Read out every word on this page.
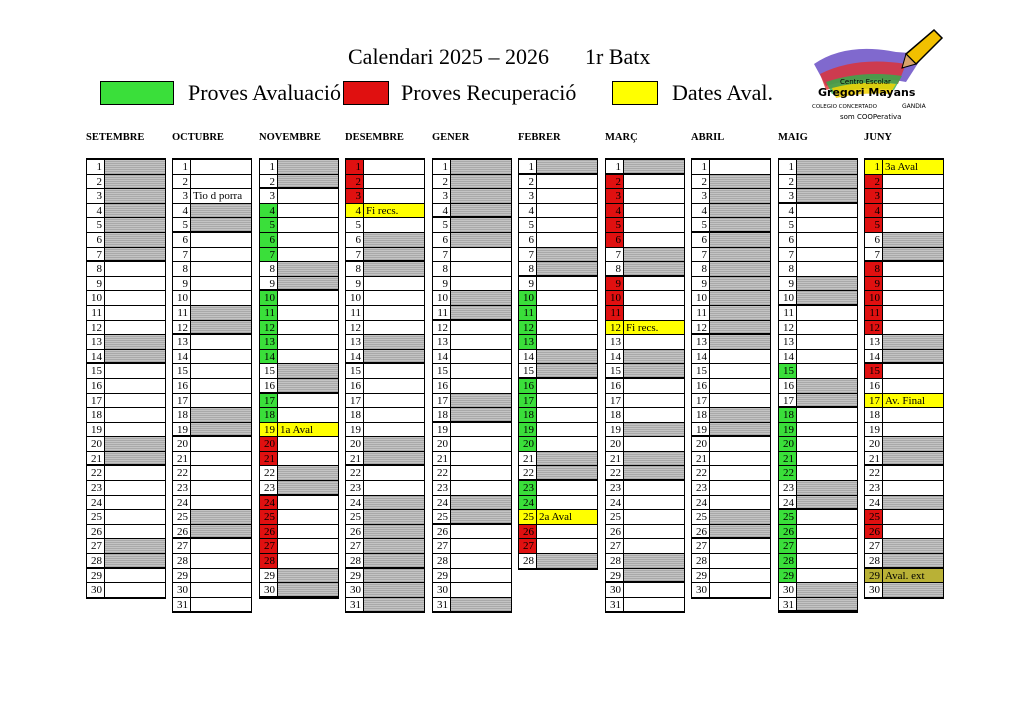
Calendari 2025 – 2026 1r Batx
Proves Avaluació	Proves Recuperació	Dates Aval.	Centro Escolar
Gregori Mayans
COLEGIO CONCERTADO	GANDIA
som COOPerativa
SETEMBRE
1
2
3
4
5
6
7
8
9
10
11
12
13
14
15
16
17
18
19
20
21
22
23
24
25
26
27
28
29
30
OCTUBRE
1
2
3 Tio d porra
4
5
6
7
8
9
10
11
12
13
14
15
16
17
18
19
20
21
22
23
24
25
26
27
28
29
30
31
NOVEMBRE
1
2
3
4
5
6
7
8
9
10
11
12
13
14
15
16
17
18
19 1a Aval
20
21
22
23
24
25
26
27
28
29
30
DESEMBRE
1
2
3
4 Fi recs.
5
6
7
8
9
10
11
12
13
14
15
16
17
18
19
20
21
22
23
24
25
26
27
28
29
30
31
GENER
1
2
3
4
5
6
7
8
9
10
11
12
13
14
15
16
17
18
19
20
21
22
23
24
25
26
27
28
29
30
31
FEBRER
1
2
3
4
5
6
7
8
9
10
11
12
13
14
15
16
17
18
19
20
21
22
23
24
25 2a Aval
26
27
28
MARÇ
1
2
3
4
5
6
7
8
9
10
11
12 Fi recs.
13
14
15
16
17
18
19
20
21
22
23
24
25
26
27
28
29
30
31
ABRIL
1
2
3
4
5
6
7
8
9
10
11
12
13
14
15
16
17
18
19
20
21
22
23
24
25
26
27
28
29
30
MAIG
1
2
3
4
5
6
7
8
9
10
11
12
13
14
15
16
17
18
19
20
21
22
23
24
25
26
27
28
29
30
31
JUNY
1 3a Aval
2
3
4
5
6
7
8
9
10
11
12
13
14
15
16
17 Av. Final
18
19
20
21
22
23
24
25
26
27
28
29 Aval. ext
30
